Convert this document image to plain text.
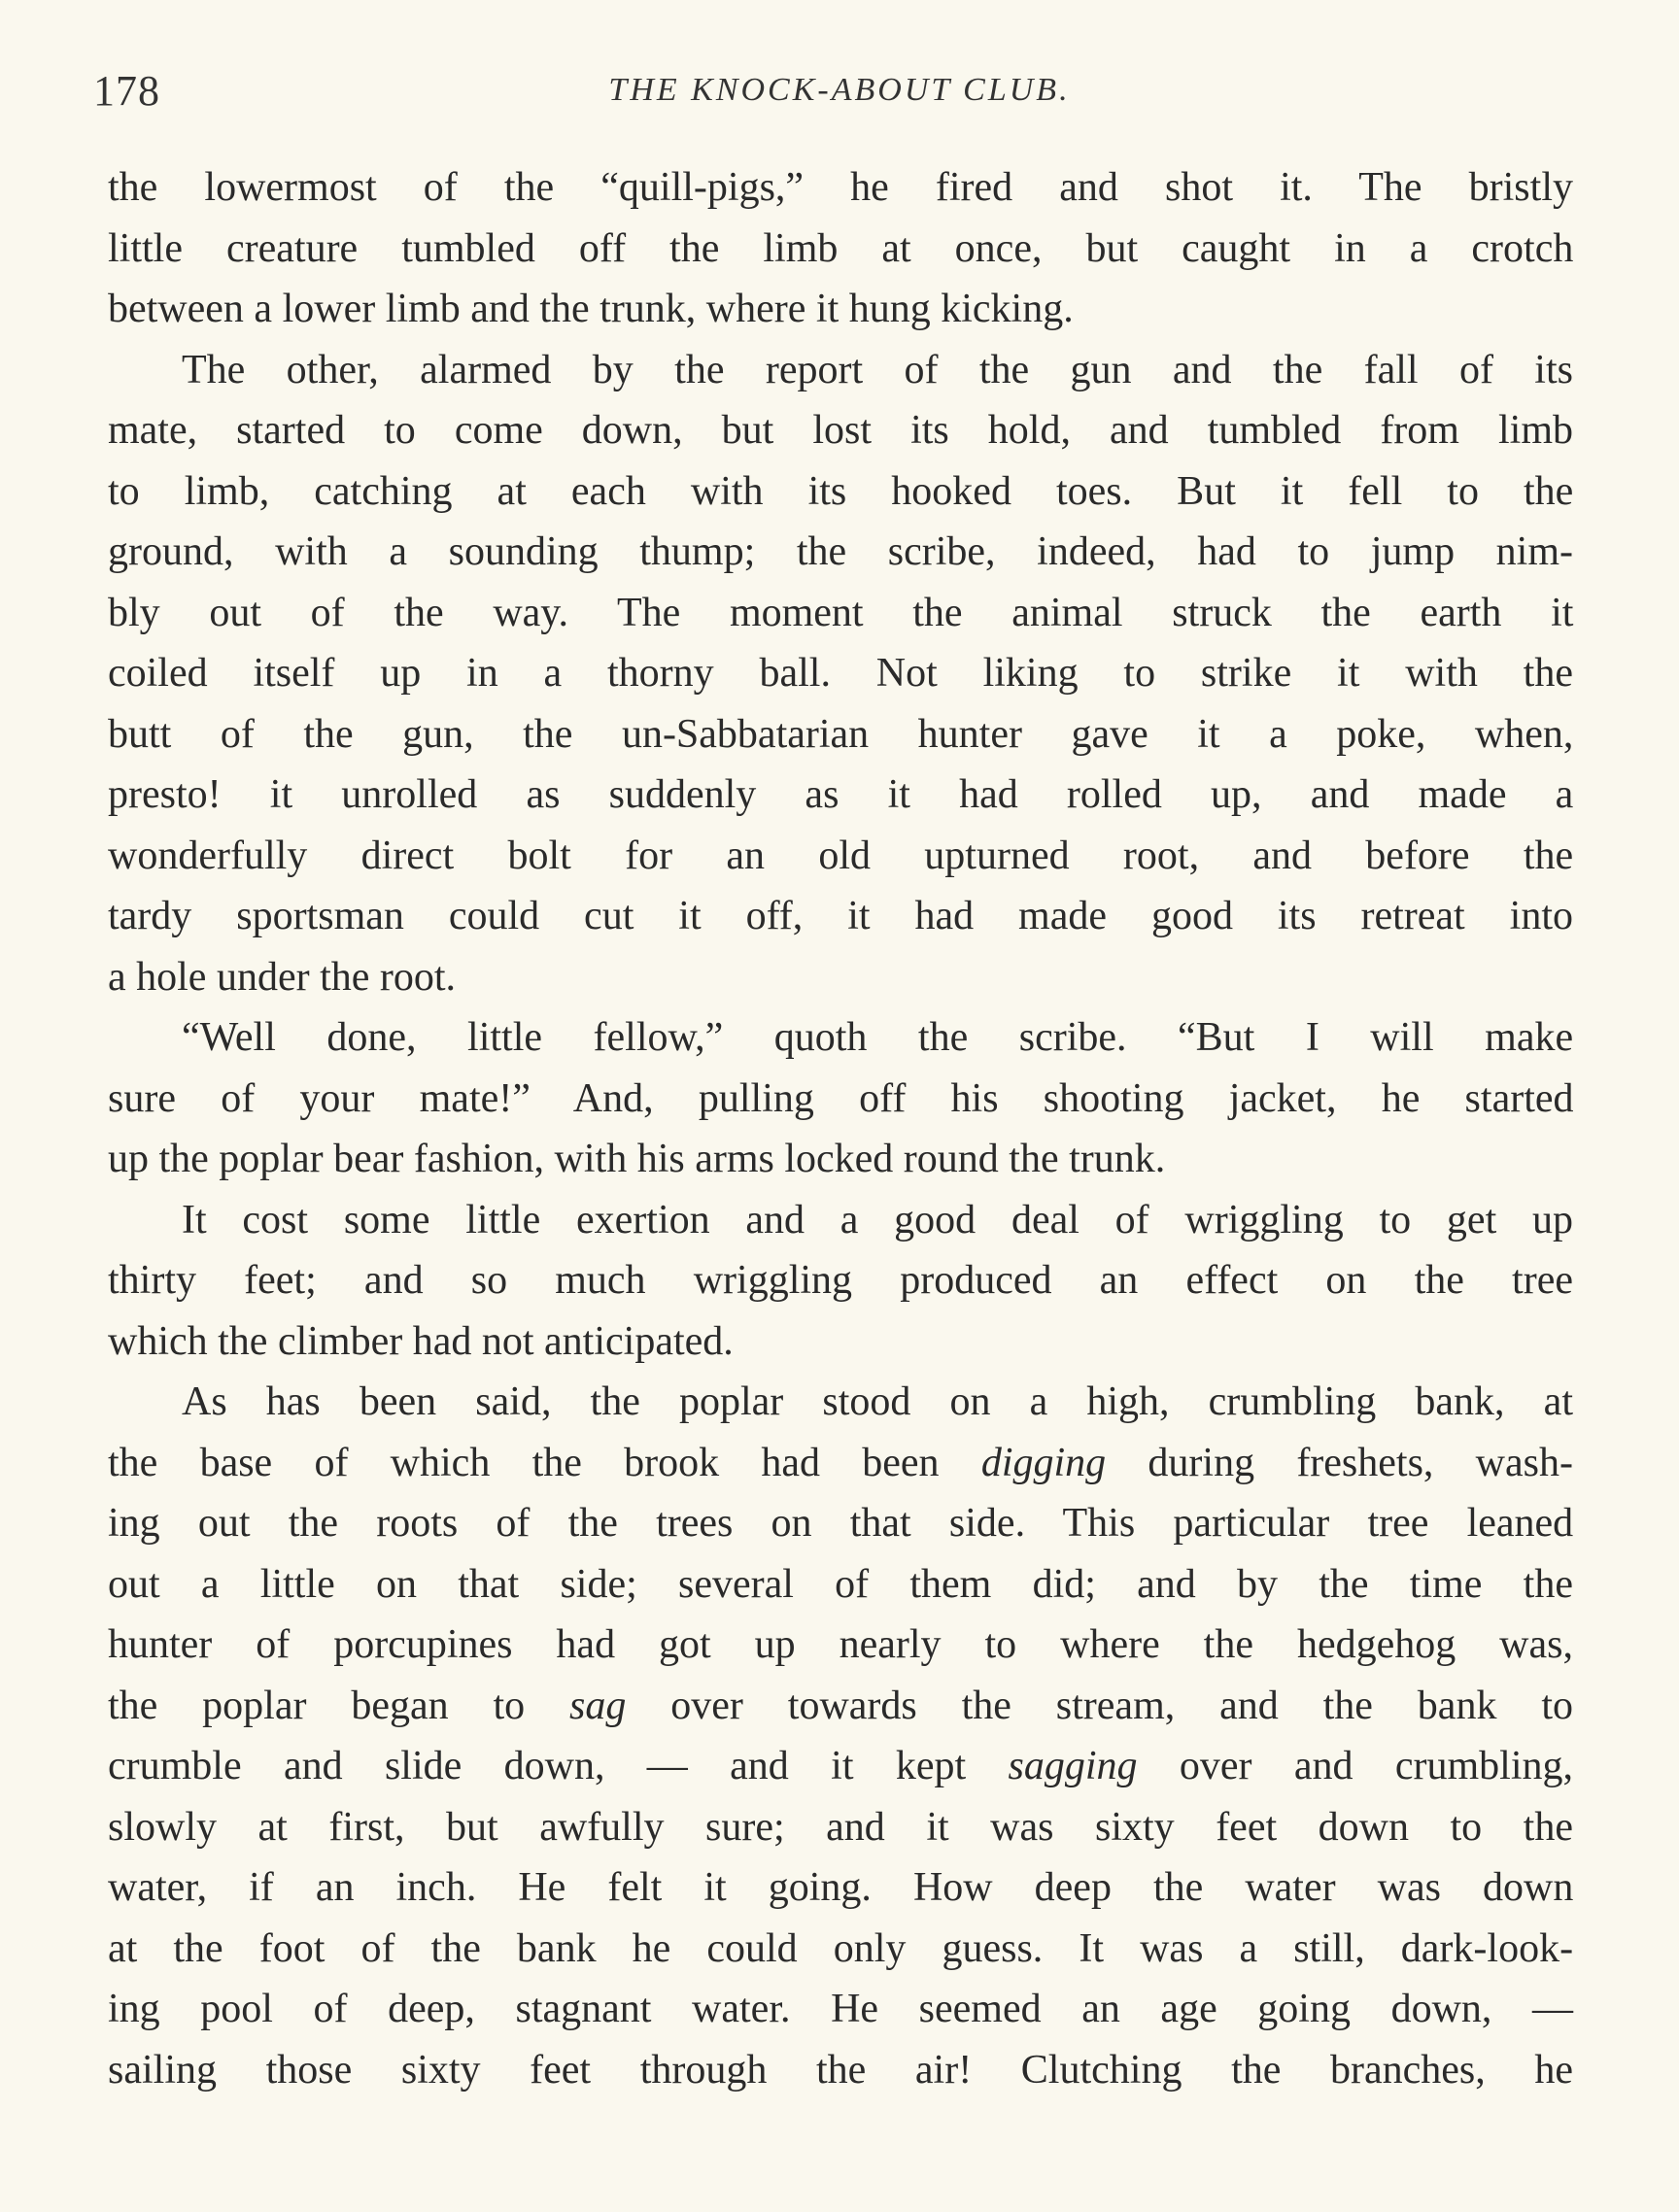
178	THE KNOCK-ABOUT CLUB.

the lowermost of the “quill-pigs,” he fired and shot it. The bristly
little creature tumbled off the limb at once, but caught in a crotch
between a lower limb and the trunk, where it hung kicking.

The other, alarmed by the report of the gun and the fall of its
mate, started to come down, but lost its hold, and tumbled from limb
to limb, catching at each with its hooked toes. But it fell to the
ground, with a sounding thump; the scribe, indeed, had to jump nim-
bly out of the way. The moment the animal struck the earth it
coiled itself up in a thorny ball. Not liking to strike it with the
butt of the gun, the un-Sabbatarian hunter gave it a poke, when,
presto! it unrolled as suddenly as it had rolled up, and made a
wonderfully direct bolt for an old upturned root, and before the
tardy sportsman could cut it off, it had made good its retreat into
a hole under the root.

“Well done, little fellow,” quoth the scribe. “But I will make
sure of your mate!” And, pulling off his shooting jacket, he started
up the poplar bear fashion, with his arms locked round the trunk.

It cost some little exertion and a good deal of wriggling to get up
thirty feet; and so much wriggling produced an effect on the tree
which the climber had not anticipated.

As has been said, the poplar stood on a high, crumbling bank, at
the base of which the brook had been digging during freshets, wash-
ing out the roots of the trees on that side. This particular tree leaned
out a little on that side; several of them did; and by the time the
hunter of porcupines had got up nearly to where the hedgehog was,
the poplar began to sag over towards the stream, and the bank to
crumble and slide down, — and it kept sagging over and crumbling,
slowly at first, but awfully sure; and it was sixty feet down to the
water, if an inch. He felt it going. How deep the water was down
at the foot of the bank he could only guess. It was a still, dark-look-
ing pool of deep, stagnant water. He seemed an age going down, —
sailing those sixty feet through the air! Clutching the branches, he
